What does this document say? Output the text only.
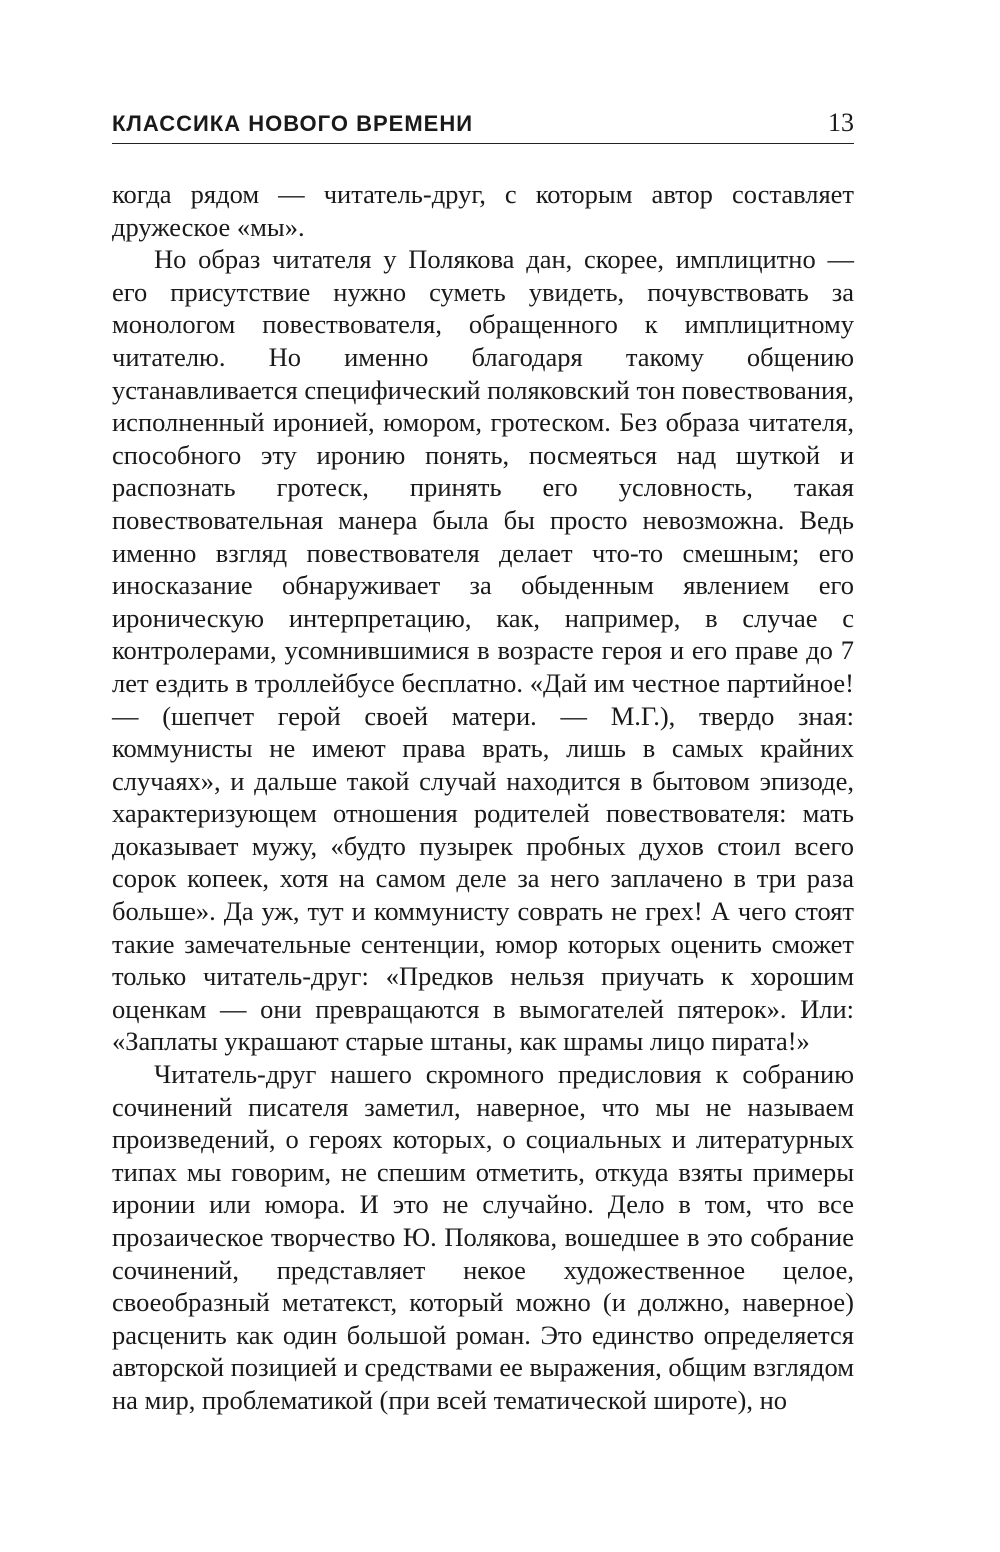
КЛАССИКА НОВОГО ВРЕМЕНИ	13

когда рядом — читатель-друг, с которым автор составляет дружеское «мы».

Но образ читателя у Полякова дан, скорее, имплицитно — его присутствие нужно суметь увидеть, почувствовать за монологом повествователя, обращенного к имплицитному читателю. Но именно благодаря такому общению устанавливается специфический поляковский тон повествования, исполненный иронией, юмором, гротеском. Без образа читателя, способного эту иронию понять, посмеяться над шуткой и распознать гротеск, принять его условность, такая повествовательная манера была бы просто невозможна. Ведь именно взгляд повествователя делает что-то смешным; его иносказание обнаруживает за обыденным явлением его ироническую интерпретацию, как, например, в случае с контролерами, усомнившимися в возрасте героя и его праве до 7 лет ездить в троллейбусе бесплатно. «Дай им честное партийное! — (шепчет герой своей матери. — М.Г.), твердо зная: коммунисты не имеют права врать, лишь в самых крайних случаях», и дальше такой случай находится в бытовом эпизоде, характеризующем отношения родителей повествователя: мать доказывает мужу, «будто пузырек пробных духов стоил всего сорок копеек, хотя на самом деле за него заплачено в три раза больше». Да уж, тут и коммунисту соврать не грех! А чего стоят такие замечательные сентенции, юмор которых оценить сможет только читатель-друг: «Предков нельзя приучать к хорошим оценкам — они превращаются в вымогателей пятерок». Или: «Заплаты украшают старые штаны, как шрамы лицо пирата!»

Читатель-друг нашего скромного предисловия к собранию сочинений писателя заметил, наверное, что мы не называем произведений, о героях которых, о социальных и литературных типах мы говорим, не спешим отметить, откуда взяты примеры иронии или юмора. И это не случайно. Дело в том, что все прозаическое творчество Ю. Полякова, вошедшее в это собрание сочинений, представляет некое художественное целое, своеобразный метатекст, который можно (и должно, наверное) расценить как один большой роман. Это единство определяется авторской позицией и средствами ее выражения, общим взглядом на мир, проблематикой (при всей тематической широте), но
